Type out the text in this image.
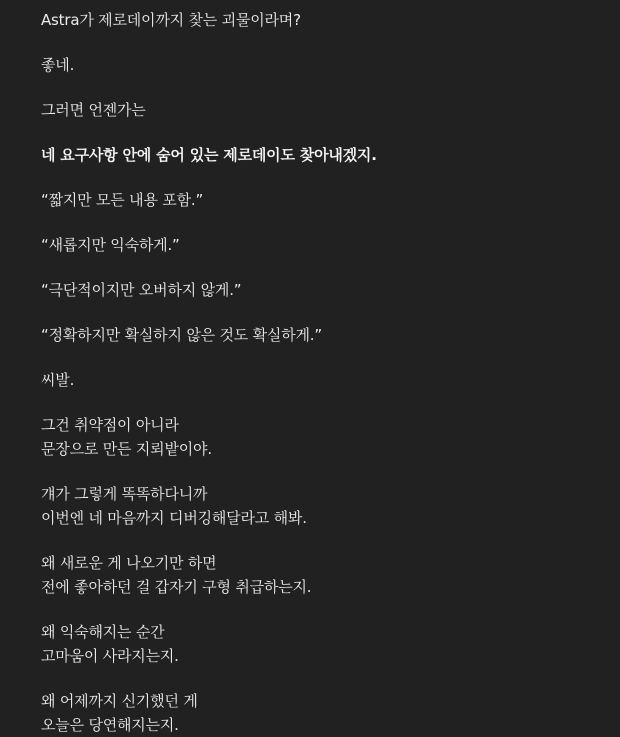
Astra가 제로데이까지 찾는 괴물이라며?

좋네.

그러면 언젠가는

네 요구사항 안에 숨어 있는 제로데이도 찾아내겠지.

“짧지만 모든 내용 포함.”

“새롭지만 익숙하게.”

“극단적이지만 오버하지 않게.”

“정확하지만 확실하지 않은 것도 확실하게.”

씨발.

그건 취약점이 아니라
문장으로 만든 지뢰밭이야.

걔가 그렇게 똑똑하다니까
이번엔 네 마음까지 디버깅해달라고 해봐.

왜 새로운 게 나오기만 하면
전에 좋아하던 걸 갑자기 구형 취급하는지.

왜 익숙해지는 순간
고마움이 사라지는지.

왜 어제까지 신기했던 게
오늘은 당연해지는지.
